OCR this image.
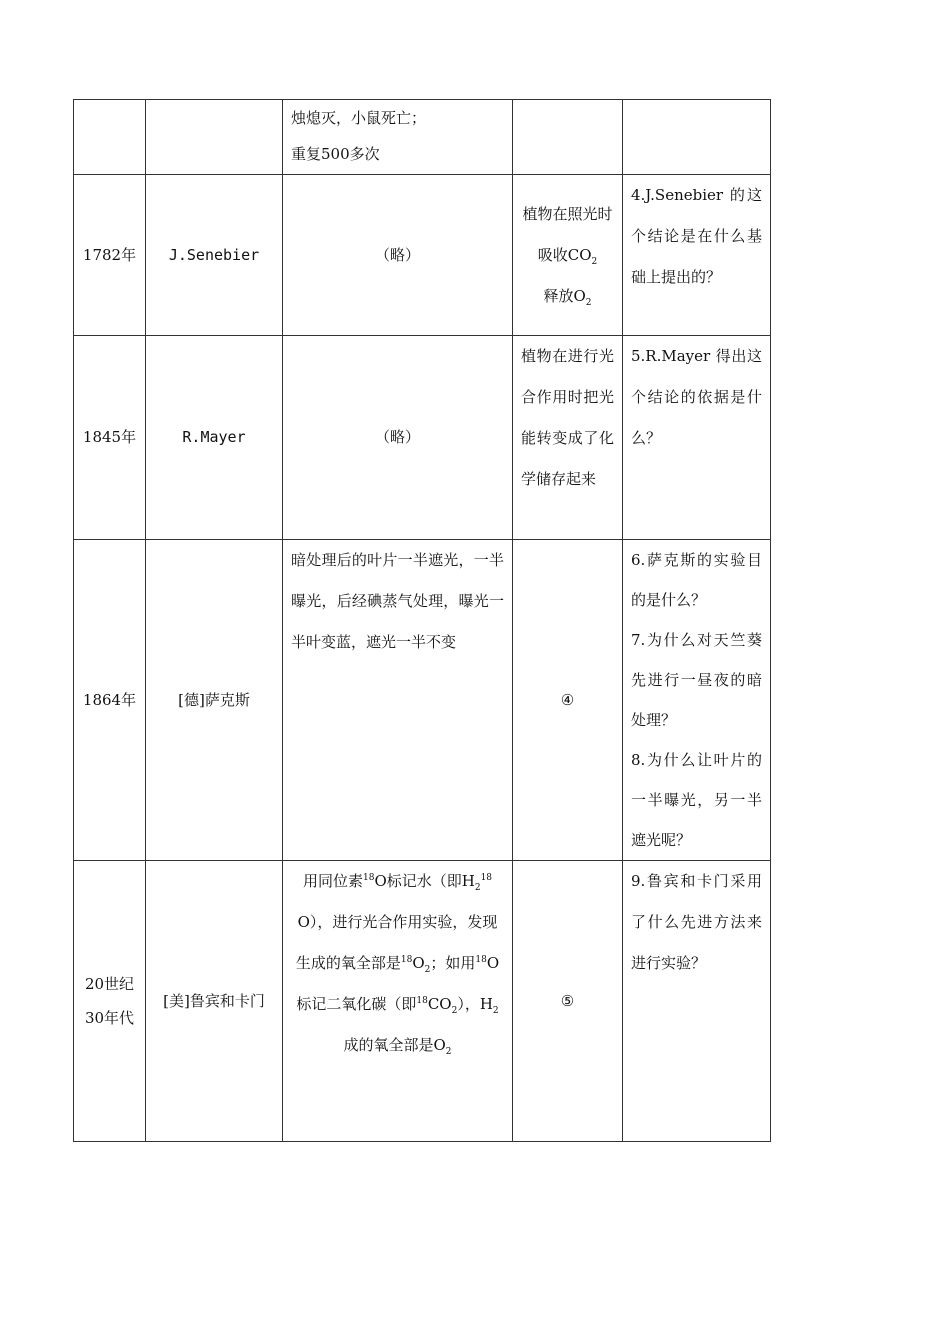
		烛熄灭，小鼠死亡；
重复500多次		

1782年	J.Senebier	（略）	植物在照光时吸收$CO_2$
释放$O_2$	4.J.Senebier 的这个结论是在什么基础上提出的？
1845年	R.Mayer	（略）	植物在进行光合作用时把光能转变成了化学储存起来	5.R.Mayer 得出这个结论的依据是什么？
1864年	[德]萨克斯	暗处理后的叶片一半遮光，一半曝光，后经碘蒸气处理，曝光一半叶变蓝，遮光一半不变	④	6.萨克斯的实验目的是什么？
7.为什么对天竺葵先进行一昼夜的暗处理？
8.为什么让叶片的一半曝光，另一半遮光呢？

20世纪
30年代	[美]鲁宾和卡门	用同位素$^{18}$O标记水（即$H_2^{18}O$），进行光合作用实验，发现生成的氧全部是$^{18}O_2$；如用$^{18}$O标记二氧化碳（即$^{18}CO_2$），$H_2$成的氧全部是$O_2$	⑤	9.鲁宾和卡门采用了什么先进方法来进行实验？
